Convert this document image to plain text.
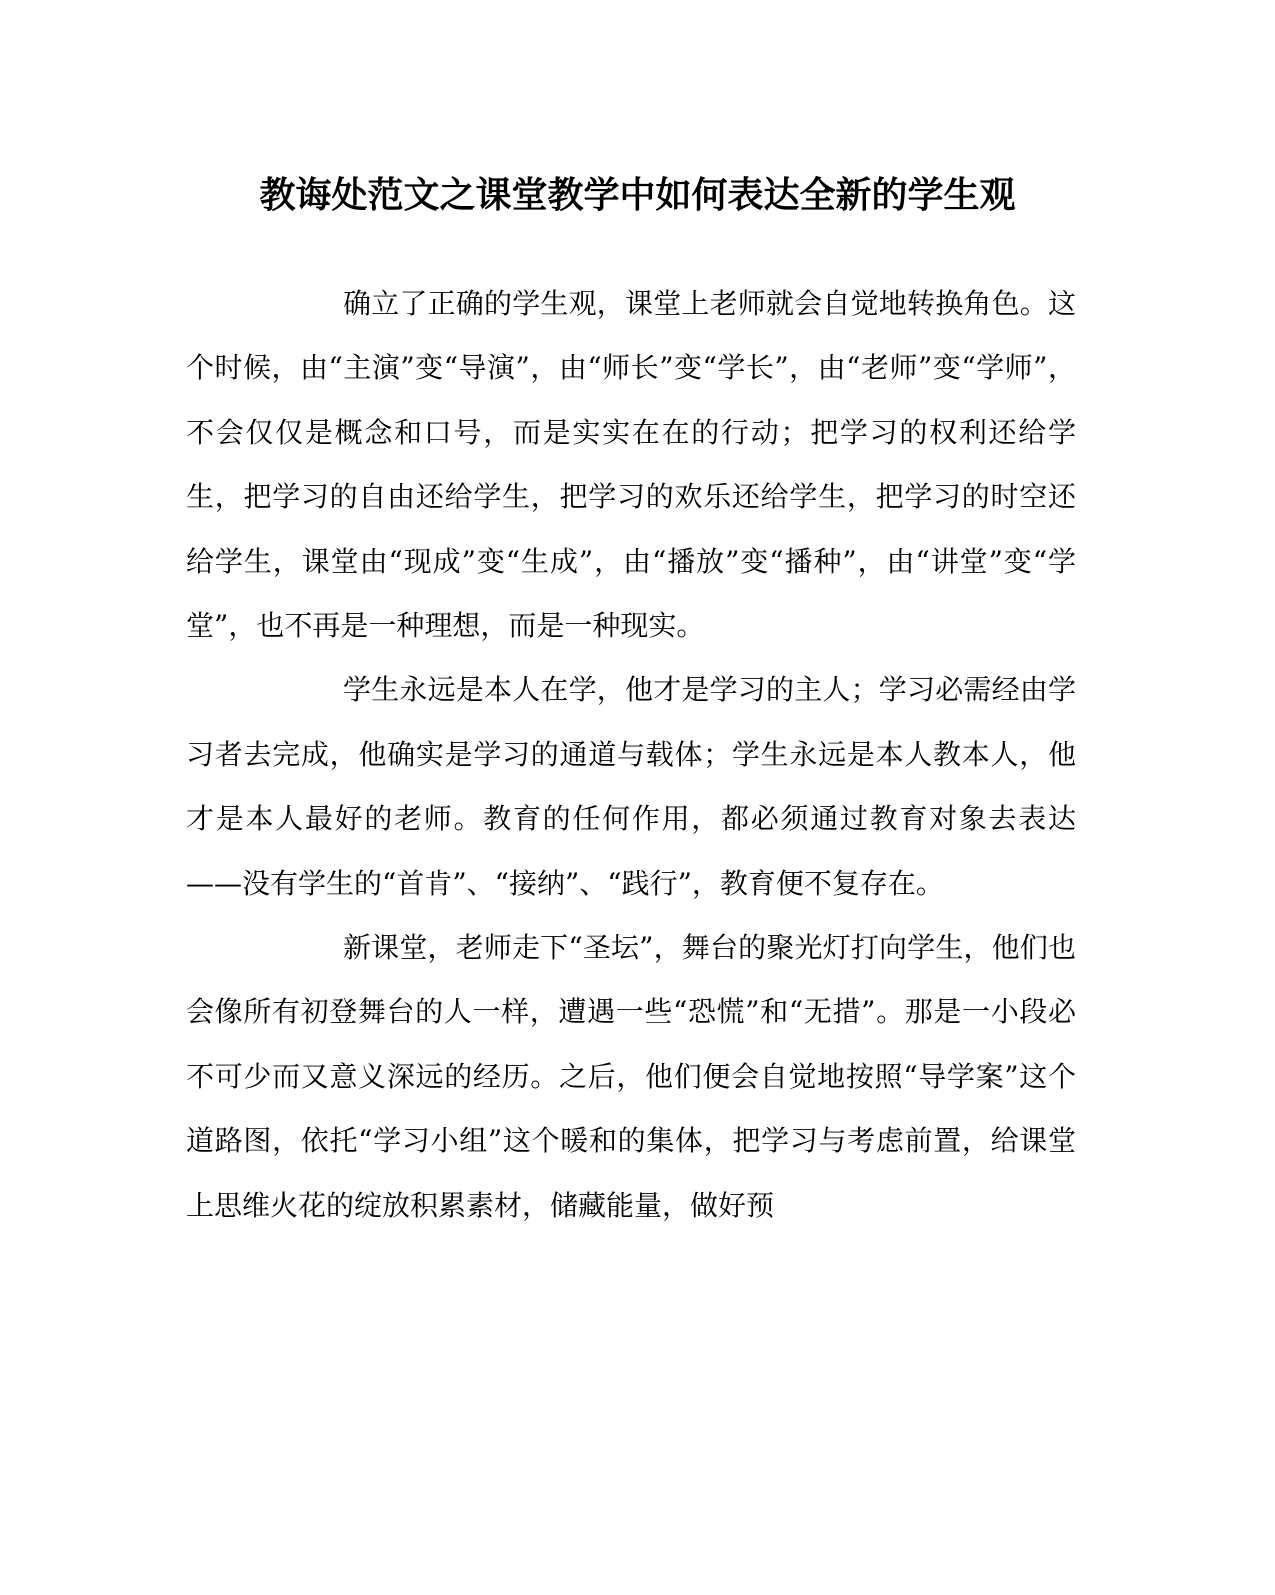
教诲处范文之课堂教学中如何表达全新的学生观

确立了正确的学生观，课堂上老师就会自觉地转换角色。这个时候，由“主演”变“导演”，由“师长”变“学长”，由“老师”变“学师”，不会仅仅是概念和口号，而是实实在在的行动；把学习的权利还给学生，把学习的自由还给学生，把学习的欢乐还给学生，把学习的时空还给学生，课堂由“现成”变“生成”，由“播放”变“播种”，由“讲堂”变“学堂”，也不再是一种理想，而是一种现实。

学生永远是本人在学，他才是学习的主人；学习必需经由学习者去完成，他确实是学习的通道与载体；学生永远是本人教本人，他才是本人最好的老师。教育的任何作用，都必须通过教育对象去表达——没有学生的“首肯”、“接纳”、“践行”，教育便不复存在。

新课堂，老师走下“圣坛”，舞台的聚光灯打向学生，他们也会像所有初登舞台的人一样，遭遇一些“恐慌”和“无措”。那是一小段必不可少而又意义深远的经历。之后，他们便会自觉地按照“导学案”这个道路图，依托“学习小组”这个暖和的集体，把学习与考虑前置，给课堂上思维火花的绽放积累素材，储藏能量，做好预
